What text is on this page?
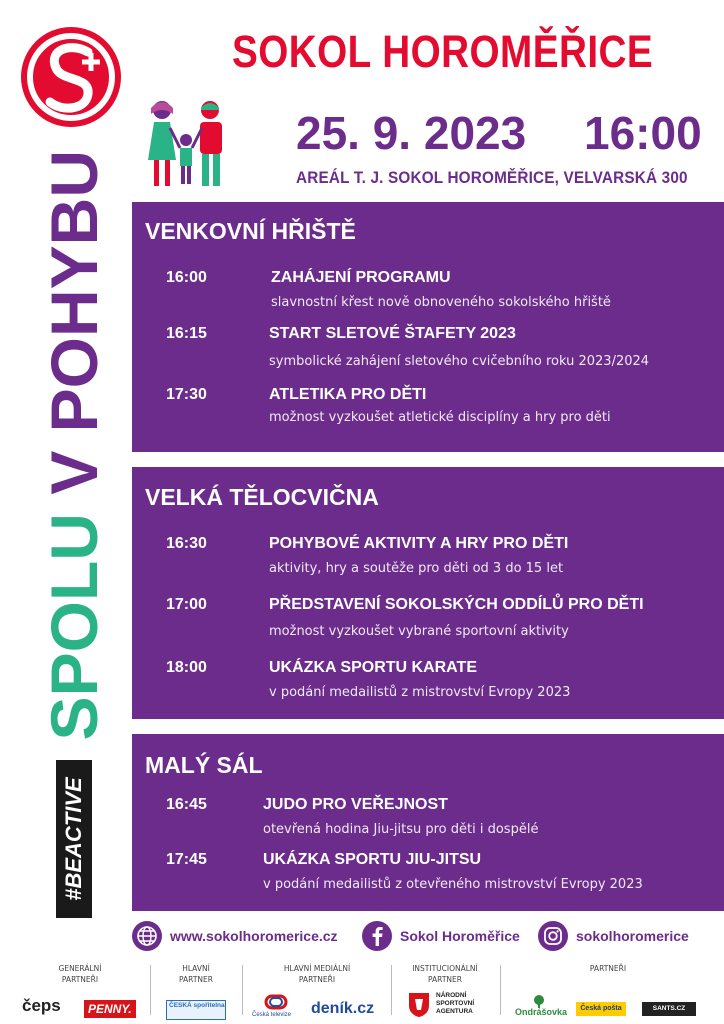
SOKOL HOROMĚŘICE
25. 9. 2023 16:00
AREÁL T. J. SOKOL HOROMĚŘICE, VELVARSKÁ 300
SPOLU V POHYBU
#BEACTIVE
VENKOVNÍ HŘIŠTĚ
16:00	ZAHÁJENÍ PROGRAMU
slavnostní křest nově obnoveného sokolského hřiště
16:15	START SLETOVÉ ŠTAFETY 2023
symbolické zahájení sletového cvičebního roku 2023/2024
17:30	ATLETIKA PRO DĚTI
možnost vyzkoušet atletické disciplíny a hry pro děti
VELKÁ TĚLOCVIČNA
16:30	POHYBOVÉ AKTIVITY A HRY PRO DĚTI
aktivity, hry a soutěže pro děti od 3 do 15 let
17:00	PŘEDSTAVENÍ SOKOLSKÝCH ODDÍLŮ PRO DĚTI
možnost vyzkoušet vybrané sportovní aktivity
18:00	UKÁZKA SPORTU KARATE
v podání medailistů z mistrovství Evropy 2023
MALÝ SÁL
16:45	JUDO PRO VEŘEJNOST
otevřená hodina Jiu-jitsu pro děti i dospělé
17:45	UKÁZKA SPORTU JIU-JITSU
v podání medailistů z otevřeného mistrovství Evropy 2023
www.sokolhoromerice.cz	Sokol Horoměřice	sokolhoromerice
GENERÁLNÍ
PARTNEŘI
HLAVNÍ
PARTNER
HLAVNÍ MEDIÁLNÍ
PARTNEŘI
INSTITUCIONÁLNÍ
PARTNER
PARTNEŘI
čeps	PENNY.	ČESKÁ spořitelna
Česká televize deník.cz
NÁRODNÍ SPORTOVNÍ AGENTURA	Ondrášovka	Česká pošta	SANTS.CZ
